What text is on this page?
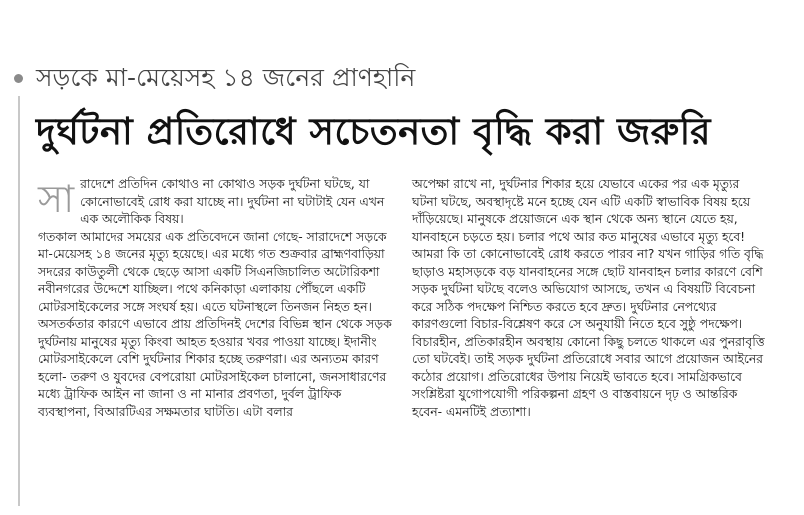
সড়কে মা-মেয়েসহ ১৪ জনের প্রাণহানি
দুর্ঘটনা প্রতিরোধে সচেতনতা বৃদ্ধি করা জরুরি

সারাদেশে প্রতিদিন কোথাও না কোথাও সড়ক দুর্ঘটনা ঘটছে, যা কোনোভাবেই রোধ করা যাচ্ছে না। দুর্ঘটনা না ঘটাটাই যেন এখন এক অলৌকিক বিষয়।

গতকাল আমাদের সময়ের এক প্রতিবেদনে জানা গেছে- সারাদেশে সড়কে মা-মেয়েসহ ১৪ জনের মৃত্যু হয়েছে। এর মধ্যে গত শুক্রবার ব্রাহ্মণবাড়িয়া সদরের কাউতুলী থেকে ছেড়ে আসা একটি সিএনজিচালিত অটোরিকশা নবীনগরের উদ্দেশে যাচ্ছিল। পথে কনিকাড়া এলাকায় পৌঁছলে একটি মোটরসাইকেলের সঙ্গে সংঘর্ষ হয়। এতে ঘটনাস্থলে তিনজন নিহত হন।

অসতর্কতার কারণে এভাবে প্রায় প্রতিদিনই দেশের বিভিন্ন স্থান থেকে সড়ক দুর্ঘটনায় মানুষের মৃত্যু কিংবা আহত হওয়ার খবর পাওয়া যাচ্ছে। ইদানীং মোটরসাইকেলে বেশি দুর্ঘটনার শিকার হচ্ছে তরুণরা। এর অন্যতম কারণ হলো- তরুণ ও যুবদের বেপরোয়া মোটরসাইকেল চালানো, জনসাধারণের মধ্যে ট্রাফিক আইন না জানা ও না মানার প্রবণতা, দুর্বল ট্রাফিক ব্যবস্থাপনা, বিআরটিএর সক্ষমতার ঘাটতি। এটা বলার

অপেক্ষা রাখে না, দুর্ঘটনার শিকার হয়ে যেভাবে একের পর এক মৃত্যুর ঘটনা ঘটছে, অবস্থাদৃষ্টে মনে হচ্ছে যেন এটি একটি স্বাভাবিক বিষয় হয়ে দাঁড়িয়েছে। মানুষকে প্রয়োজনে এক স্থান থেকে অন্য স্থানে যেতে হয়, যানবাহনে চড়তে হয়। চলার পথে আর কত মানুষের এভাবে মৃত্যু হবে! আমরা কি তা কোনোভাবেই রোধ করতে পারব না? যখন গাড়ির গতি বৃদ্ধি ছাড়াও মহাসড়কে বড় যানবাহনের সঙ্গে ছোট যানবাহন চলার কারণে বেশি সড়ক দুর্ঘটনা ঘটছে বলেও অভিযোগ আসছে, তখন এ বিষয়টি বিবেচনা করে সঠিক পদক্ষেপ নিশ্চিত করতে হবে দ্রুত। দুর্ঘটনার নেপথ্যের কারণগুলো বিচার-বিশ্লেষণ করে সে অনুযায়ী নিতে হবে সুষ্ঠু পদক্ষেপ। বিচারহীন, প্রতিকারহীন অবস্থায় কোনো কিছু চলতে থাকলে এর পুনরাবৃত্তি তো ঘটবেই। তাই সড়ক দুর্ঘটনা প্রতিরোধে সবার আগে প্রয়োজন আইনের কঠোর প্রয়োগ। প্রতিরোধের উপায় নিয়েই ভাবতে হবে। সামগ্রিকভাবে সংশ্লিষ্টরা যুগোপযোগী পরিকল্পনা গ্রহণ ও বাস্তবায়নে দৃঢ় ও আন্তরিক হবেন- এমনটিই প্রত্যাশা।
